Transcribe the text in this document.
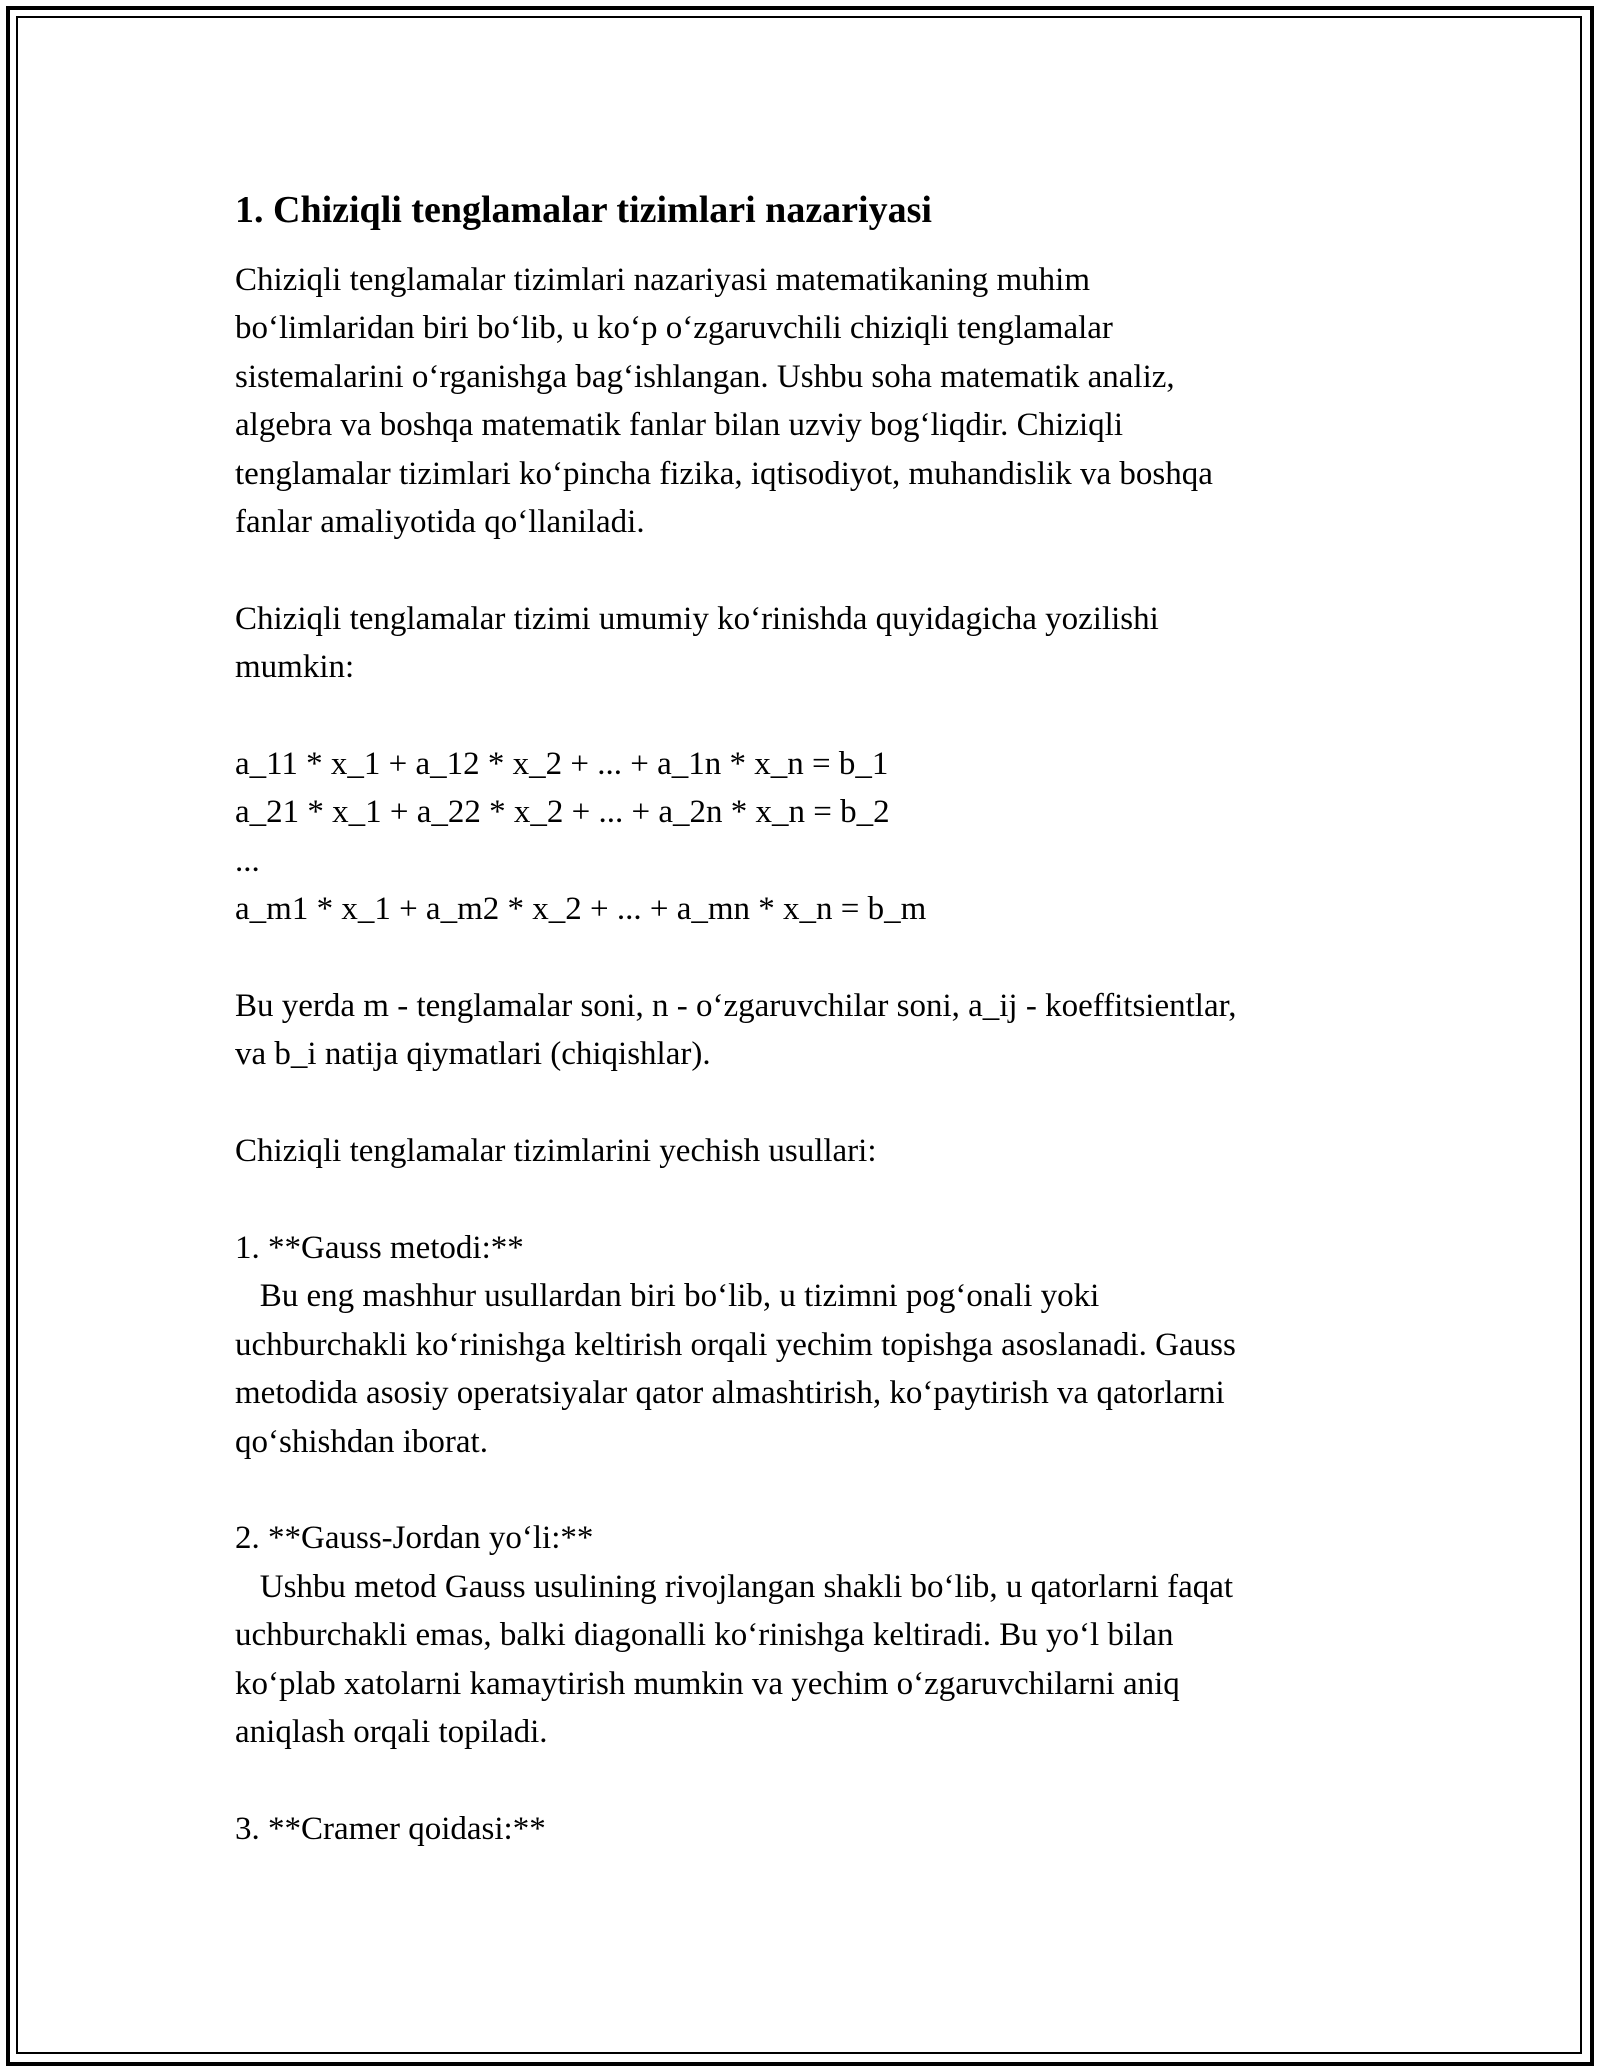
1. Chiziqli tenglamalar tizimlari nazariyasi

Chiziqli tenglamalar tizimlari nazariyasi matematikaning muhim
bo‘limlaridan biri bo‘lib, u ko‘p o‘zgaruvchili chiziqli tenglamalar
sistemalarini o‘rganishga bag‘ishlangan. Ushbu soha matematik analiz,
algebra va boshqa matematik fanlar bilan uzviy bog‘liqdir. Chiziqli
tenglamalar tizimlari ko‘pincha fizika, iqtisodiyot, muhandislik va boshqa
fanlar amaliyotida qo‘llaniladi.

Chiziqli tenglamalar tizimi umumiy ko‘rinishda quyidagicha yozilishi
mumkin:

a_11 * x_1 + a_12 * x_2 + ... + a_1n * x_n = b_1
a_21 * x_1 + a_22 * x_2 + ... + a_2n * x_n = b_2
...
a_m1 * x_1 + a_m2 * x_2 + ... + a_mn * x_n = b_m

Bu yerda m - tenglamalar soni, n - o‘zgaruvchilar soni, a_ij - koeffitsientlar,
va b_i natija qiymatlari (chiqishlar).

Chiziqli tenglamalar tizimlarini yechish usullari:

1. **Gauss metodi:**
Bu eng mashhur usullardan biri bo‘lib, u tizimni pog‘onali yoki
uchburchakli ko‘rinishga keltirish orqali yechim topishga asoslanadi. Gauss
metodida asosiy operatsiyalar qator almashtirish, ko‘paytirish va qatorlarni
qo‘shishdan iborat.

2. **Gauss-Jordan yo‘li:**
Ushbu metod Gauss usulining rivojlangan shakli bo‘lib, u qatorlarni faqat
uchburchakli emas, balki diagonalli ko‘rinishga keltiradi. Bu yo‘l bilan
ko‘plab xatolarni kamaytirish mumkin va yechim o‘zgaruvchilarni aniq
aniqlash orqali topiladi.

3. **Cramer qoidasi:**
